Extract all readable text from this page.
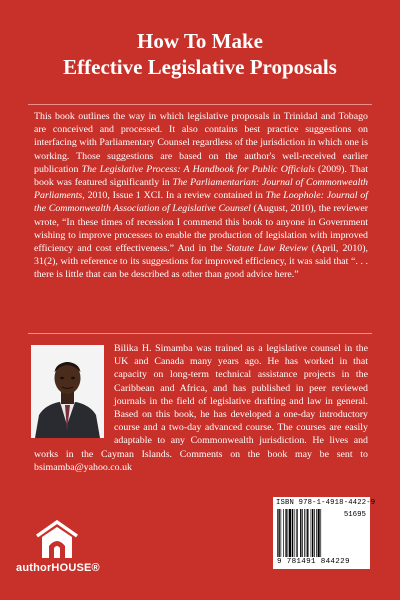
How To Make
Effective Legislative Proposals
This book outlines the way in which legislative proposals in Trinidad and Tobago are conceived and processed. It also contains best practice suggestions on interfacing with Parliamentary Counsel regardless of the jurisdiction in which one is working. Those suggestions are based on the author's well-received earlier publication The Legislative Process: A Handbook for Public Officials (2009). That book was featured significantly in The Parliamentarian: Journal of Commonwealth Parliaments, 2010, Issue 1 XCI. In a review contained in The Loophole: Journal of the Commonwealth Association of Legislative Counsel (August, 2010), the reviewer wrote, “In these times of recession I commend this book to anyone in Government wishing to improve processes to enable the production of legislation with improved efficiency and cost effectiveness.” And in the Statute Law Review (April, 2010), 31(2), with reference to its suggestions for improved efficiency, it was said that “. . . there is little that can be described as other than good advice here.”
Bilika H. Simamba was trained as a legislative counsel in the UK and Canada many years ago. He has worked in that capacity on long-term technical assistance projects in the Caribbean and Africa, and has published in peer reviewed journals in the field of legislative drafting and law in general. Based on this book, he has developed a one-day introductory course and a two-day advanced course. The courses are easily adaptable to any Commonwealth jurisdiction. He lives and works in the Cayman Islands. Comments on the book may be sent to bsimamba@yahoo.co.uk
ISBN 978-1-4918-4422-9
51695
9 781491 844229
authorHOUSE®
